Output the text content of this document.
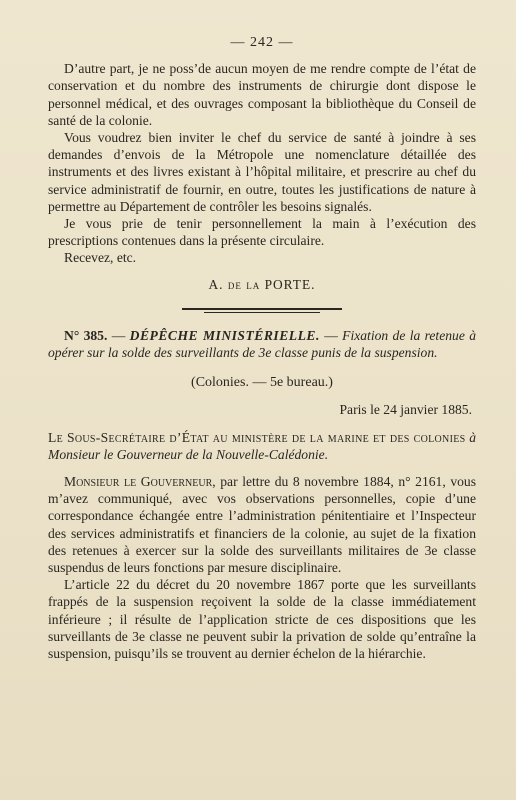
— 242 —

D’autre part, je ne poss’de aucun moyen de me rendre compte de l’état de conservation et du nombre des instruments de chirurgie dont dispose le personnel médical, et des ouvrages composant la bibliothèque du Conseil de santé de la colonie.

Vous voudrez bien inviter le chef du service de santé à joindre à ses demandes d’envois de la Métropole une nomenclature détaillée des instruments et des livres existant à l’hôpital militaire, et prescrire au chef du service administratif de fournir, en outre, toutes les justifications de nature à permettre au Département de contrôler les besoins signalés.

Je vous prie de tenir personnellement la main à l’exécution des prescriptions contenues dans la présente circulaire.

Recevez, etc.

A. de la PORTE.

N° 385. — DÉPÊCHE MINISTÉRIELLE. — Fixation de la retenue à opérer sur la solde des surveillants de 3e classe punis de la suspension.

(Colonies. — 5e bureau.)
Paris le 24 janvier 1885.

Le Sous-Secrétaire d’État au ministère de la marine et des colonies à Monsieur le Gouverneur de la Nouvelle-Calédonie.

Monsieur le Gouverneur, par lettre du 8 novembre 1884, n° 2161, vous m’avez communiqué, avec vos observations personnelles, copie d’une correspondance échangée entre l’administration pénitentiaire et l’Inspecteur des services administratifs et financiers de la colonie, au sujet de la fixation des retenues à exercer sur la solde des surveillants militaires de 3e classe suspendus de leurs fonctions par mesure disciplinaire.

L’article 22 du décret du 20 novembre 1867 porte que les surveillants frappés de la suspension reçoivent la solde de la classe immédiatement inférieure ; il résulte de l’application stricte de ces dispositions que les surveillants de 3e classe ne peuvent subir la privation de solde qu’entraîne la suspension, puisqu’ils se trouvent au dernier échelon de la hiérarchie.
